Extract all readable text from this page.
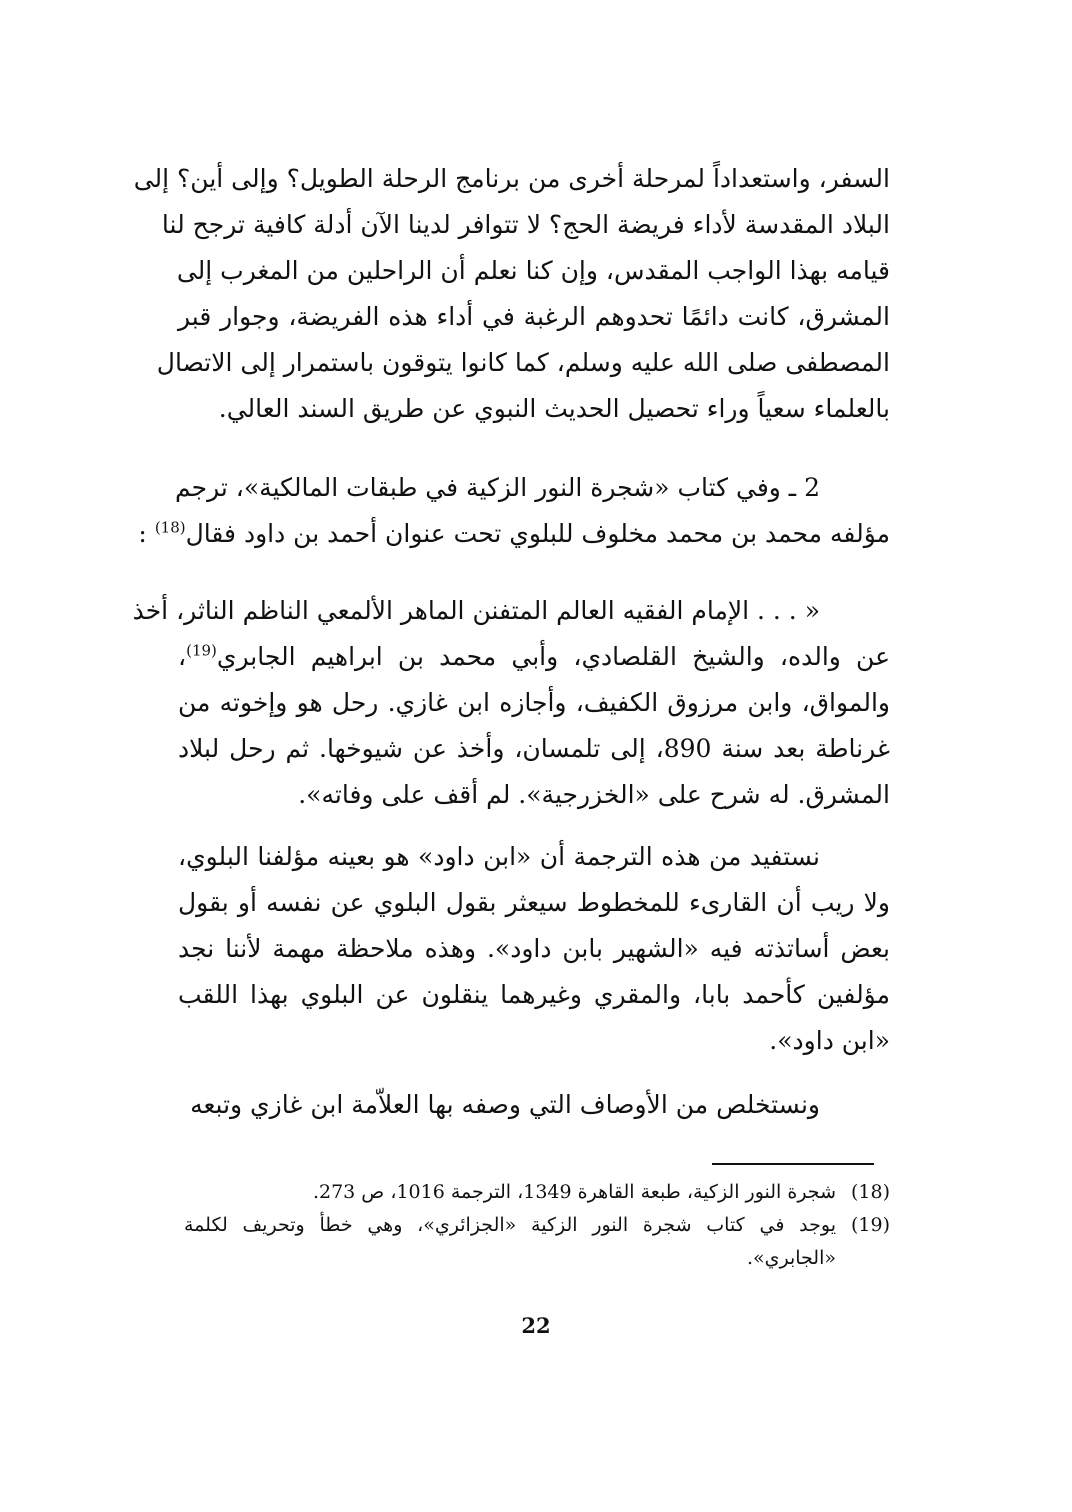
السفر، واستعداداً لمرحلة أخرى من برنامج الرحلة الطويل؟ وإلى أين؟ إلى
البلاد المقدسة لأداء فريضة الحج؟ لا تتوافر لدينا الآن أدلة كافية ترجح لنا
قيامه بهذا الواجب المقدس، وإن كنا نعلم أن الراحلين من المغرب إلى
المشرق، كانت دائمًا تحدوهم الرغبة في أداء هذه الفريضة، وجوار قبر
المصطفى صلى الله عليه وسلم، كما كانوا يتوقون باستمرار إلى الاتصال
بالعلماء سعياً وراء تحصيل الحديث النبوي عن طريق السند العالي.
2 ـ وفي كتاب «شجرة النور الزكية في طبقات المالكية»، ترجم
مؤلفه محمد بن محمد مخلوف للبلوي تحت عنوان أحمد بن داود فقال$^{(18)}$ :
« . . . الإمام الفقيه العالم المتفنن الماهر الألمعي الناظم الناثر، أخذ
عن والده، والشيخ القلصادي، وأبي محمد بن ابراهيم الجابري$^{(19)}$،
والمواق، وابن مرزوق الكفيف، وأجازه ابن غازي. رحل هو وإخوته من
غرناطة بعد سنة 890، إلى تلمسان، وأخذ عن شيوخها. ثم رحل لبلاد
المشرق. له شرح على «الخزرجية». لم أقف على وفاته».
نستفيد من هذه الترجمة أن «ابن داود» هو بعينه مؤلفنا البلوي،
ولا ريب أن القارىء للمخطوط سيعثر بقول البلوي عن نفسه أو بقول
بعض أساتذته فيه «الشهير بابن داود». وهذه ملاحظة مهمة لأننا نجد
مؤلفين كأحمد بابا، والمقري وغيرهما ينقلون عن البلوي بهذا اللقب
«ابن داود».
ونستخلص من الأوصاف التي وصفه بها العلاّمة ابن غازي وتبعه
(18)
شجرة النور الزكية، طبعة القاهرة 1349، الترجمة 1016، ص 273.
(19)
يوجد في كتاب شجرة النور الزكية «الجزائري»، وهي خطأ وتحريف لكلمة
«الجابري».
22
